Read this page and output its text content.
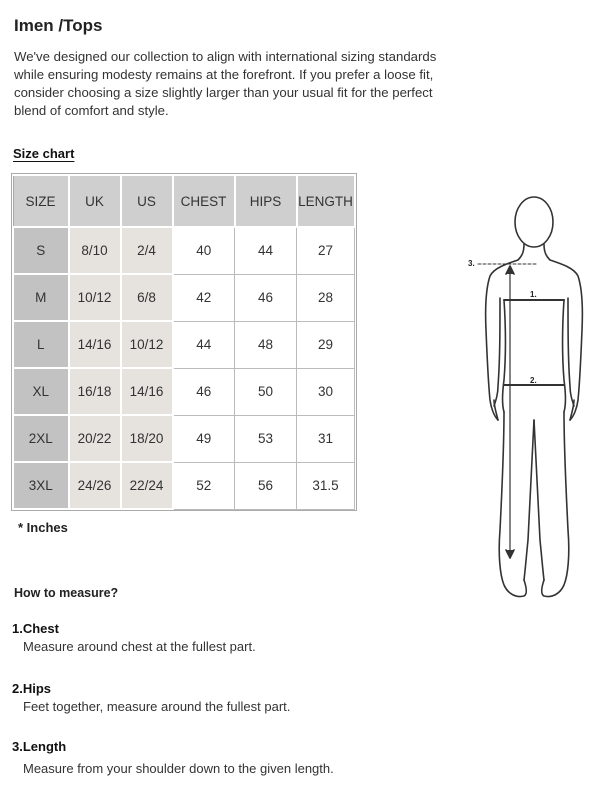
Imen /Tops
We've designed our collection to align with international sizing standards while ensuring modesty remains at the forefront. If you prefer a loose fit, consider choosing a size slightly larger than your usual fit for the perfect blend of comfort and style.
Size chart
SIZE	UK	US	CHEST	HIPS	LENGTH
S	8/10	2/4	40	44	27
M	10/12	6/8	42	46	28
L	14/16	10/12	44	48	29
XL	16/18	14/16	46	50	30
2XL	20/22	18/20	49	53	31
3XL	24/26	22/24	52	56	31.5
* Inches
How to measure?
1.Chest
Measure around chest at the fullest part.
2.Hips
Feet together, measure around the fullest part.
3.Length
Measure from your shoulder down to the given length.
1.
2.
3.
